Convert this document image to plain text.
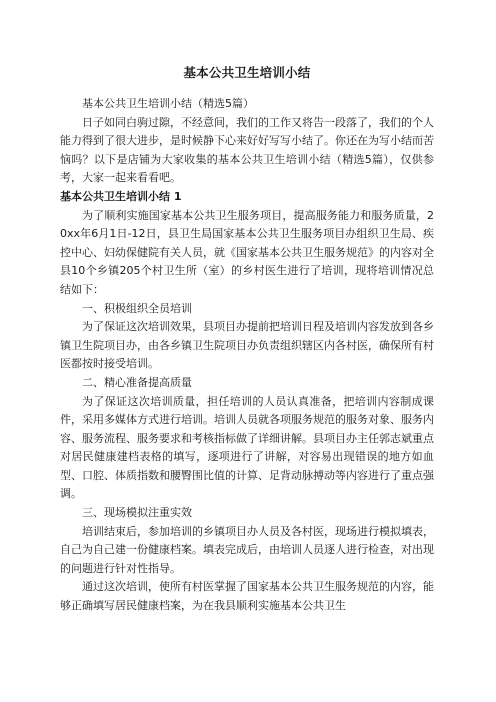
基本公共卫生培训小结

基本公共卫生培训小结（精选5篇）

日子如同白驹过隙，不经意间，我们的工作又将告一段落了，我们的个人能力得到了很大进步，是时候静下心来好好写写小结了。你还在为写小结而苦恼吗？以下是店铺为大家收集的基本公共卫生培训小结（精选5篇），仅供参考，大家一起来看看吧。

基本公共卫生培训小结 1

为了顺利实施国家基本公共卫生服务项目，提高服务能力和服务质量，20xx年6月1日-12日，县卫生局国家基本公共卫生服务项目办组织卫生局、疾控中心、妇幼保健院有关人员，就《国家基本公共卫生服务规范》的内容对全县10个乡镇205个村卫生所（室）的乡村医生进行了培训，现将培训情况总结如下：

一、积极组织全员培训

为了保证这次培训效果，县项目办提前把培训日程及培训内容发放到各乡镇卫生院项目办，由各乡镇卫生院项目办负责组织辖区内各村医，确保所有村医都按时接受培训。

二、精心准备提高质量

为了保证这次培训质量，担任培训的人员认真准备，把培训内容制成课件，采用多媒体方式进行培训。培训人员就各项服务规范的服务对象、服务内容、服务流程、服务要求和考核指标做了详细讲解。县项目办主任郭志斌重点对居民健康建档表格的填写，逐项进行了讲解，对容易出现错误的地方如血型、口腔、体质指数和腰臀围比值的计算、足背动脉搏动等内容进行了重点强调。

三、现场模拟注重实效

培训结束后，参加培训的乡镇项目办人员及各村医，现场进行模拟填表，自己为自己建一份健康档案。填表完成后，由培训人员逐人进行检查，对出现的问题进行针对性指导。

通过这次培训，使所有村医掌握了国家基本公共卫生服务规范的内容，能够正确填写居民健康档案，为在我县顺利实施基本公共卫生
